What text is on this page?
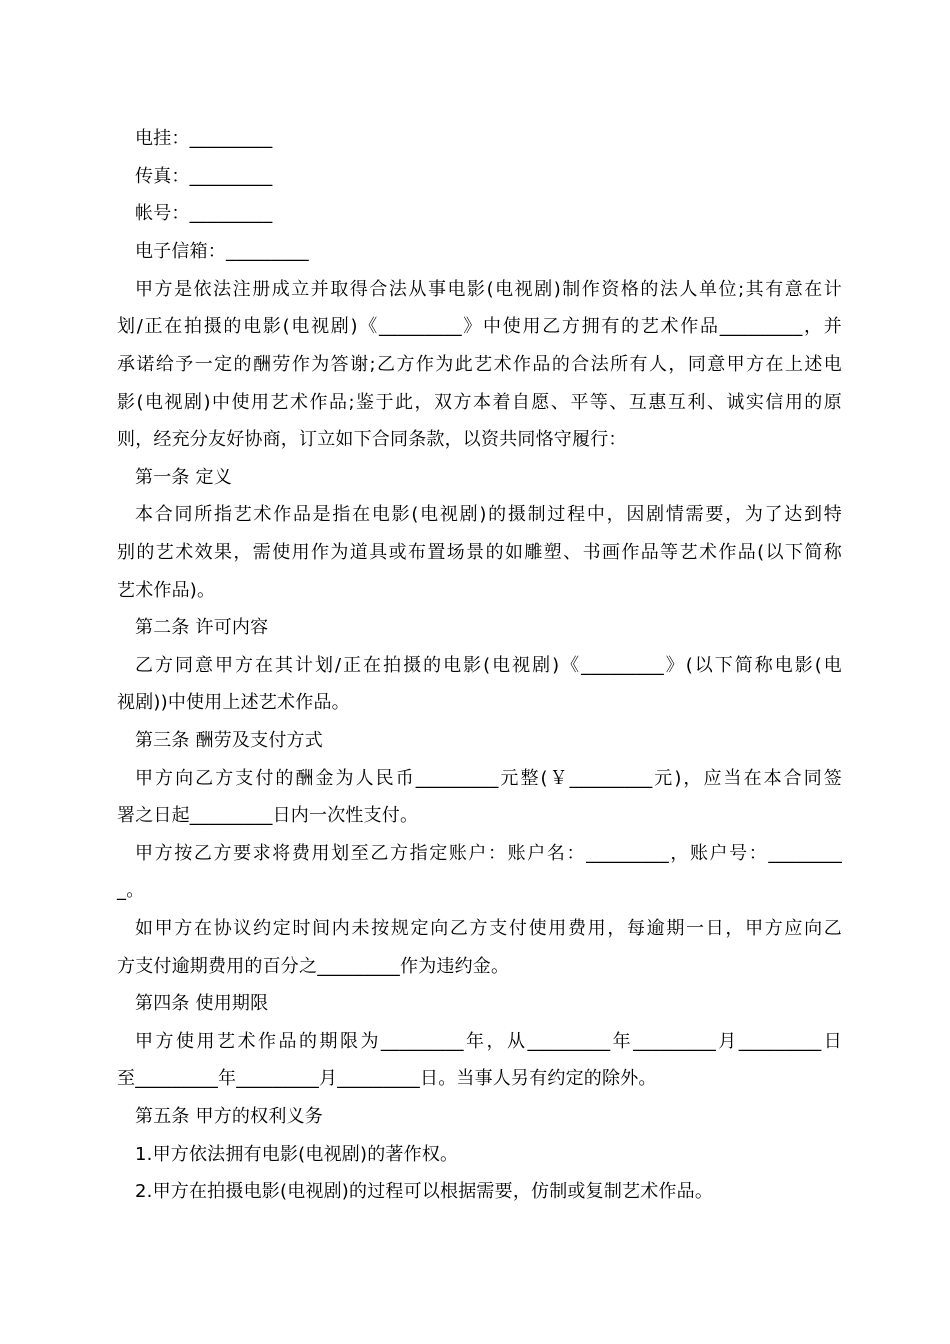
电挂：_________
传真：_________
帐号：_________
电子信箱：_________
甲方是依法注册成立并取得合法从事电影(电视剧)制作资格的法人单位;其有意在计
划/正在拍摄的电影(电视剧)《_________》中使用乙方拥有的艺术作品_________，并
承诺给予一定的酬劳作为答谢;乙方作为此艺术作品的合法所有人，同意甲方在上述电
影(电视剧)中使用艺术作品;鉴于此，双方本着自愿、平等、互惠互利、诚实信用的原
则，经充分友好协商，订立如下合同条款，以资共同恪守履行：
第一条 定义
本合同所指艺术作品是指在电影(电视剧)的摄制过程中，因剧情需要，为了达到特
别的艺术效果，需使用作为道具或布置场景的如雕塑、书画作品等艺术作品(以下简称
艺术作品)。
第二条 许可内容
乙方同意甲方在其计划/正在拍摄的电影(电视剧)《_________》(以下简称电影(电
视剧))中使用上述艺术作品。
第三条 酬劳及支付方式
甲方向乙方支付的酬金为人民币_________元整(￥_________元)，应当在本合同签
署之日起_________日内一次性支付。
甲方按乙方要求将费用划至乙方指定账户：账户名：_________，账户号：________
_。
如甲方在协议约定时间内未按规定向乙方支付使用费用，每逾期一日，甲方应向乙
方支付逾期费用的百分之_________作为违约金。
第四条 使用期限
甲方使用艺术作品的期限为_________年，从_________年_________月_________日
至_________年_________月_________日。当事人另有约定的除外。
第五条 甲方的权利义务
1.甲方依法拥有电影(电视剧)的著作权。
2.甲方在拍摄电影(电视剧)的过程可以根据需要，仿制或复制艺术作品。
